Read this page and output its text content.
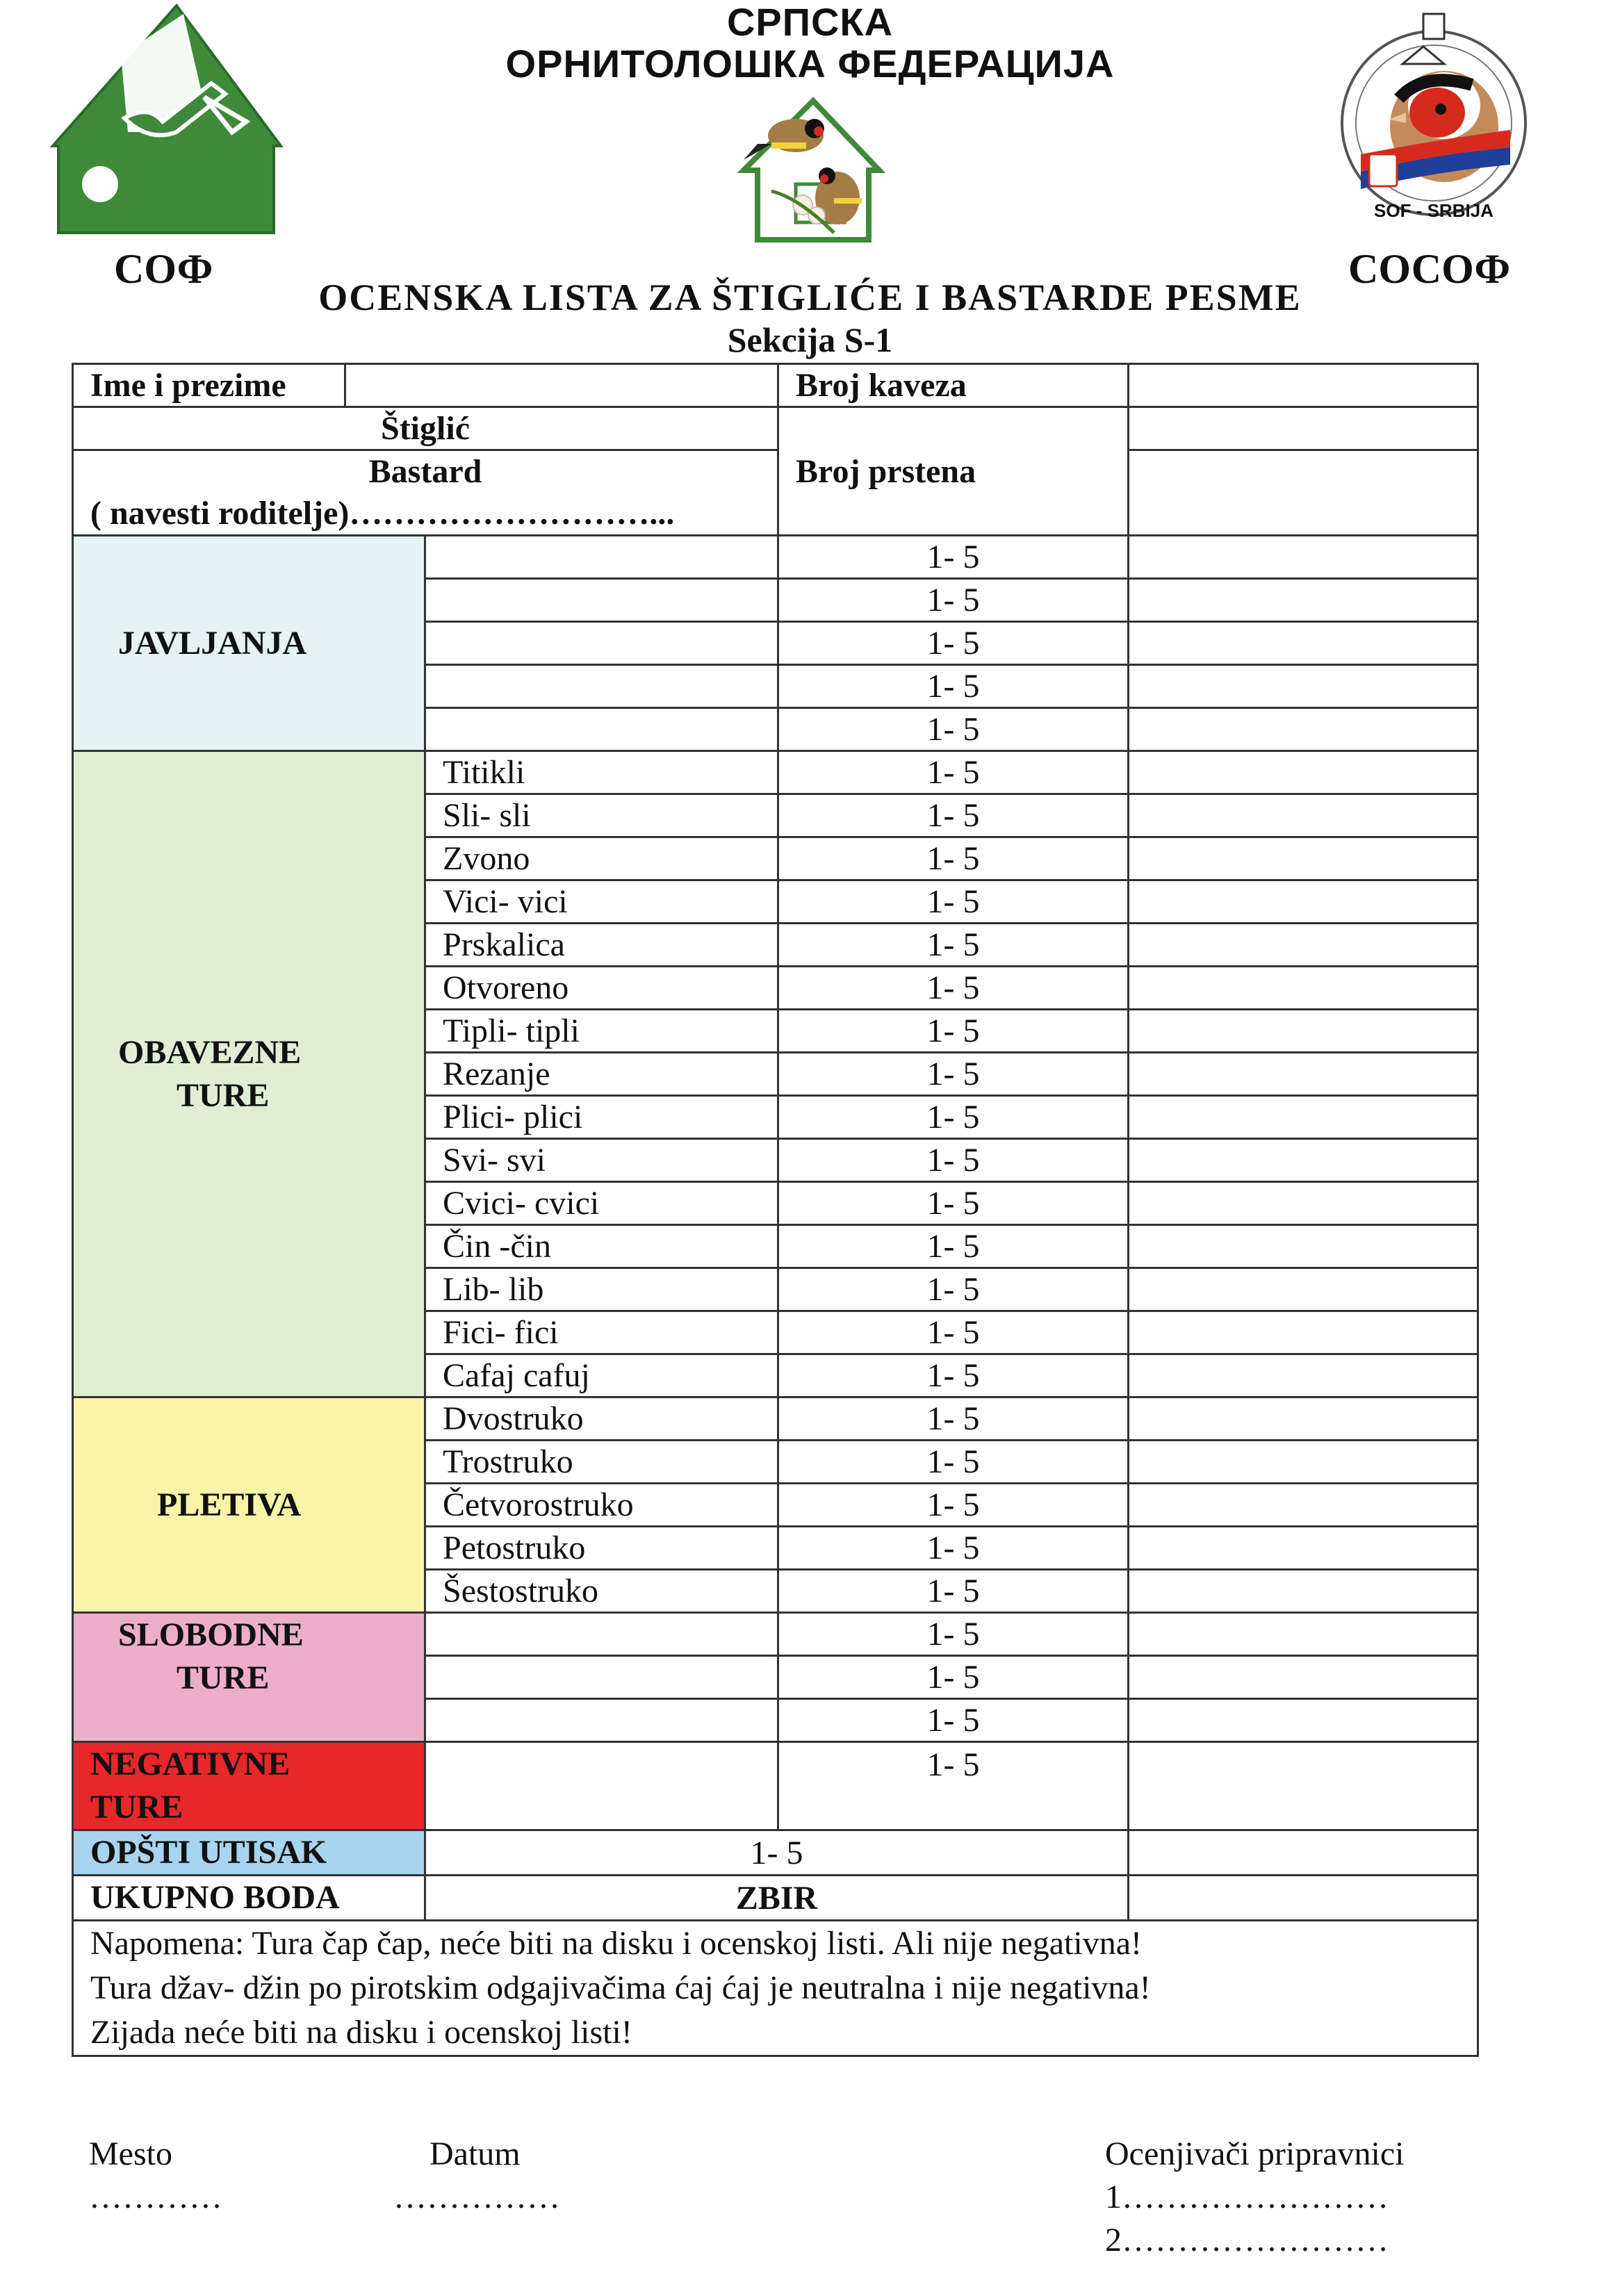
СРПСКА
ОРНИТОЛОШКА ФЕДЕРАЦИЈА
СОФ
SOF - SRBIJA
СОСОФ
OCENSKA LISTA ZA ŠTIGLIĆE I BASTARDE PESME
Sekcija S-1
Ime i prezime			Broj kaveza	
Štiglić			Broj prstena	

Bastard
( navesti roditelje)………………………...				

JAVLJANJA			1- 5	
			1- 5	
			1- 5	
			1- 5	
			1- 5	

OBAVEZNE
TURE		Titikli	1- 5	
		Sli- sli	1- 5	
		Zvono	1- 5	
		Vici- vici	1- 5	
		Prskalica	1- 5	
		Otvoreno	1- 5	
		Tipli- tipli	1- 5	
		Rezanje	1- 5	
		Plici- plici	1- 5	
		Svi- svi	1- 5	
		Cvici- cvici	1- 5	
		Čin -čin	1- 5	
		Lib- lib	1- 5	
		Fici- fici	1- 5	
		Cafaj cafuj	1- 5	
PLETIVA		Dvostruko	1- 5	
		Trostruko	1- 5	
		Četvorostruko	1- 5	
		Petostruko	1- 5	
		Šestostruko	1- 5	

SLOBODNE
TURE			1- 5	
			1- 5	
			1- 5	

NEGATIVNE
TURE			1- 5	
OPŠTI UTISAK		1- 5		
UKUPNO BODA		ZBIR		

Napomena: Tura čap čap, neće biti na disku i ocenskoj listi. Ali nije negativna!
Tura džav- džin po pirotskim odgajivačima ćaj ćaj je neutralna i nije negativna!
Zijada neće biti na disku i ocenskoj listi!				
Mesto
…………
Datum
……………
Ocenjivači pripravnici
1……………………
2……………………
